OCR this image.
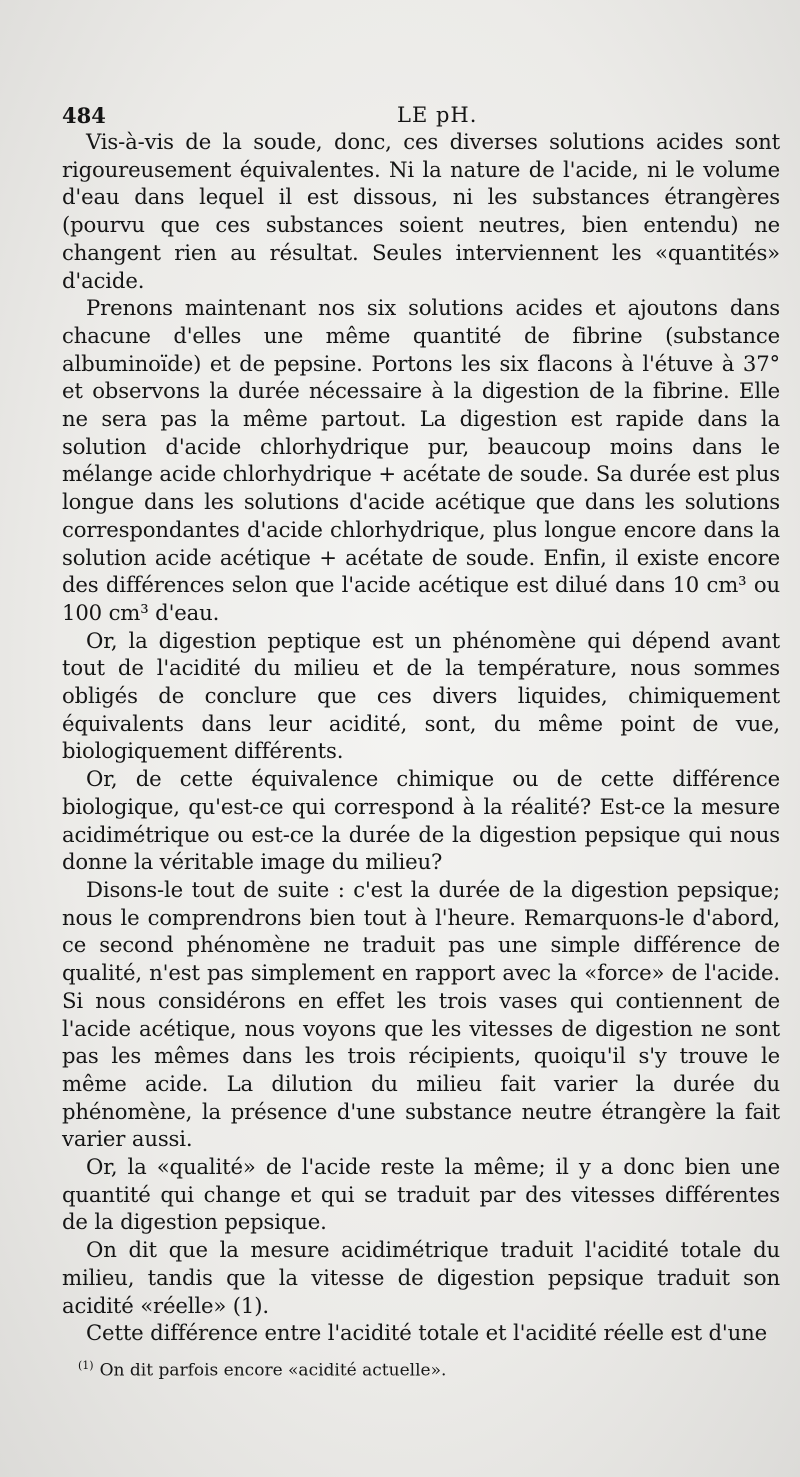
484	LE pH.

Vis-à-vis de la soude, donc, ces diverses solutions acides sont rigoureusement équivalentes. Ni la nature de l'acide, ni le volume d'eau dans lequel il est dissous, ni les substances étrangères (pourvu que ces substances soient neutres, bien entendu) ne changent rien au résultat. Seules interviennent les «quantités» d'acide.

Prenons maintenant nos six solutions acides et ajoutons dans chacune d'elles une même quantité de fibrine (substance albuminoïde) et de pepsine. Portons les six flacons à l'étuve à 37° et observons la durée nécessaire à la digestion de la fibrine. Elle ne sera pas la même partout. La digestion est rapide dans la solution d'acide chlorhydrique pur, beaucoup moins dans le mélange acide chlorhydrique + acétate de soude. Sa durée est plus longue dans les solutions d'acide acétique que dans les solutions correspondantes d'acide chlorhydrique, plus longue encore dans la solution acide acétique + acétate de soude. Enfin, il existe encore des différences selon que l'acide acétique est dilué dans 10 cm³ ou 100 cm³ d'eau.

Or, la digestion peptique est un phénomène qui dépend avant tout de l'acidité du milieu et de la température, nous sommes obligés de conclure que ces divers liquides, chimiquement équivalents dans leur acidité, sont, du même point de vue, biologiquement différents.

Or, de cette équivalence chimique ou de cette différence biologique, qu'est-ce qui correspond à la réalité? Est-ce la mesure acidimétrique ou est-ce la durée de la digestion pepsique qui nous donne la véritable image du milieu?

Disons-le tout de suite : c'est la durée de la digestion pepsique; nous le comprendrons bien tout à l'heure. Remarquons-le d'abord, ce second phénomène ne traduit pas une simple différence de qualité, n'est pas simplement en rapport avec la «force» de l'acide. Si nous considérons en effet les trois vases qui contiennent de l'acide acétique, nous voyons que les vitesses de digestion ne sont pas les mêmes dans les trois récipients, quoiqu'il s'y trouve le même acide. La dilution du milieu fait varier la durée du phénomène, la présence d'une substance neutre étrangère la fait varier aussi.

Or, la «qualité» de l'acide reste la même; il y a donc bien une quantité qui change et qui se traduit par des vitesses différentes de la digestion pepsique.

On dit que la mesure acidimétrique traduit l'acidité totale du milieu, tandis que la vitesse de digestion pepsique traduit son acidité «réelle» (1).

Cette différence entre l'acidité totale et l'acidité réelle est d'une

$^{(1)}$ On dit parfois encore «acidité actuelle».
